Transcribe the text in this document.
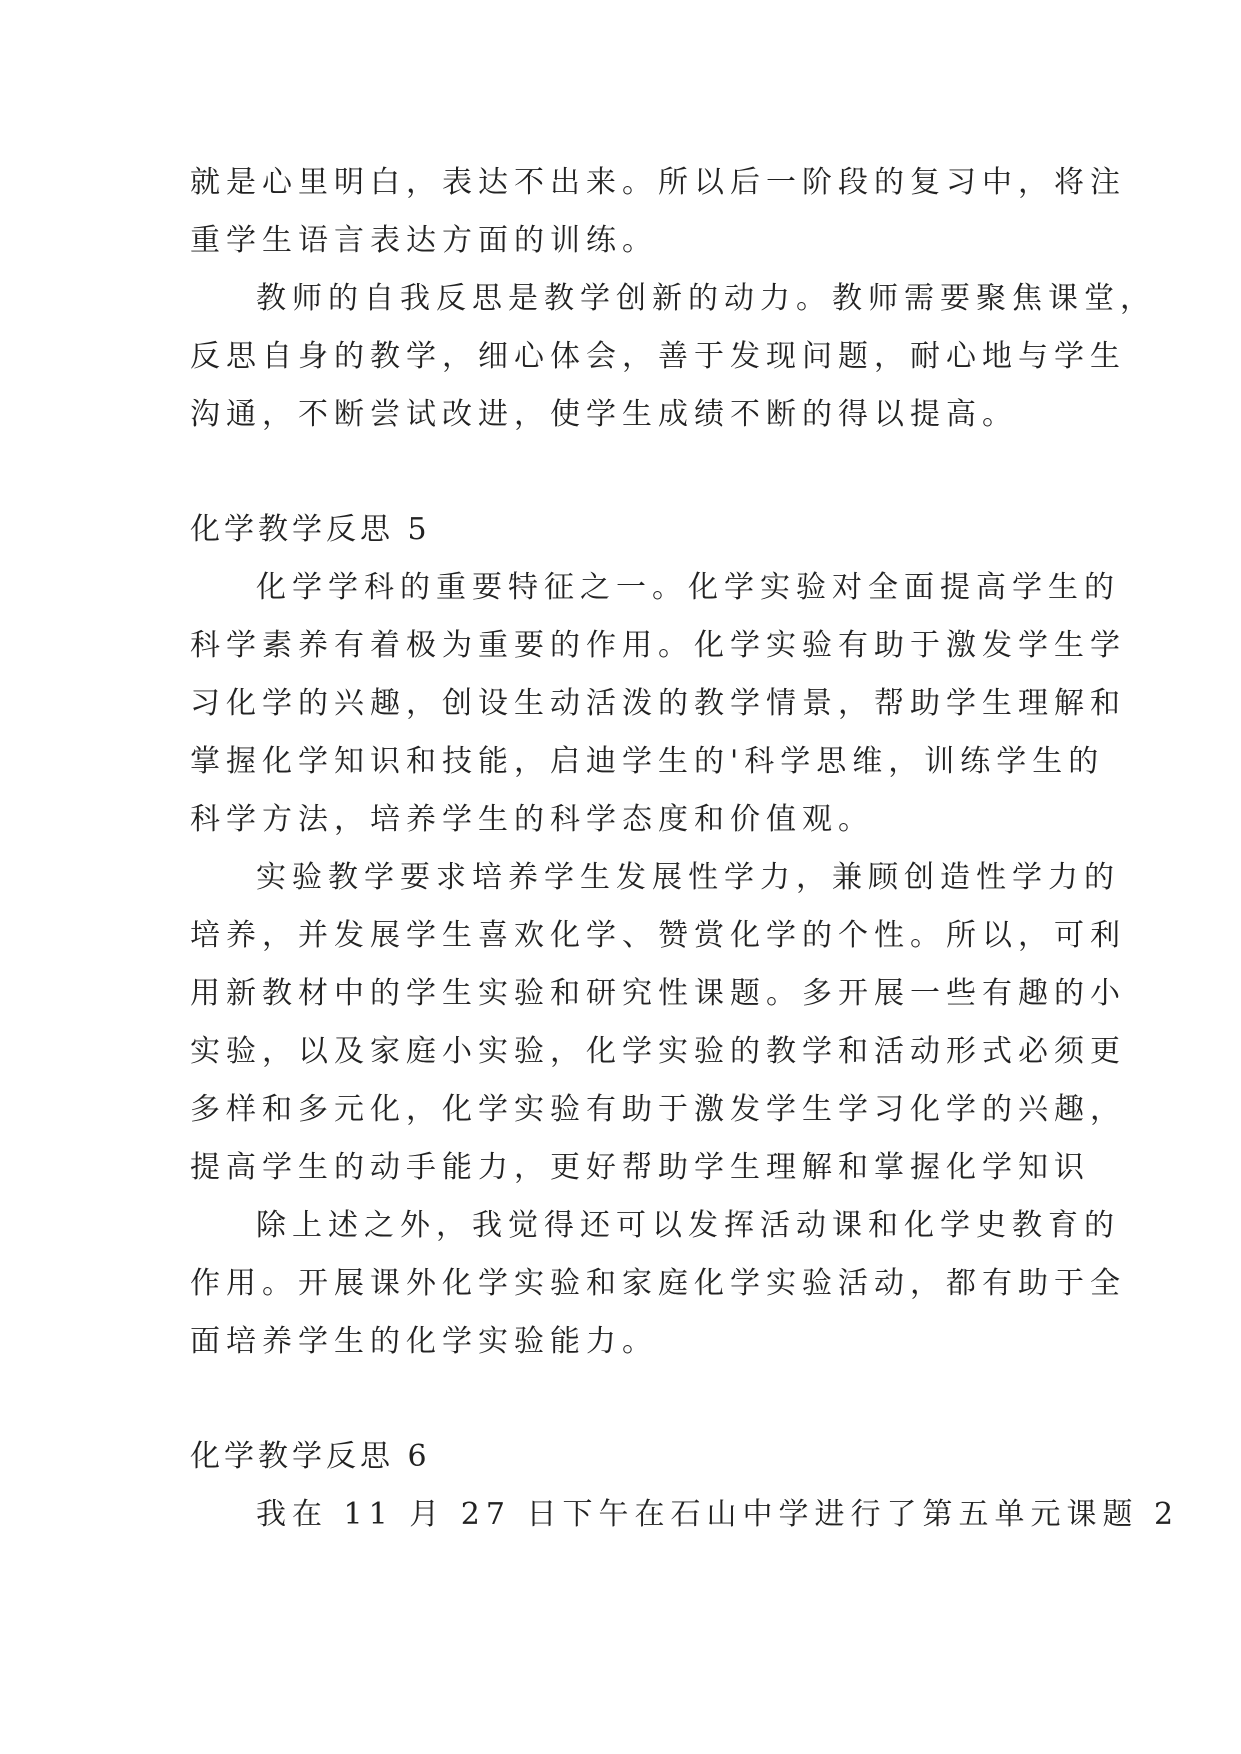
就是心里明白，表达不出来。所以后一阶段的复习中，将注
重学生语言表达方面的训练。
教师的自我反思是教学创新的动力。教师需要聚焦课堂，
反思自身的教学，细心体会，善于发现问题，耐心地与学生
沟通，不断尝试改进，使学生成绩不断的得以提高。
化学教学反思 5
化学学科的重要特征之一。化学实验对全面提高学生的
科学素养有着极为重要的作用。化学实验有助于激发学生学
习化学的兴趣，创设生动活泼的教学情景，帮助学生理解和
掌握化学知识和技能，启迪学生的'科学思维，训练学生的
科学方法，培养学生的科学态度和价值观。
实验教学要求培养学生发展性学力，兼顾创造性学力的
培养，并发展学生喜欢化学、赞赏化学的个性。所以，可利
用新教材中的学生实验和研究性课题。多开展一些有趣的小
实验，以及家庭小实验，化学实验的教学和活动形式必须更
多样和多元化，化学实验有助于激发学生学习化学的兴趣，
提高学生的动手能力，更好帮助学生理解和掌握化学知识
除上述之外，我觉得还可以发挥活动课和化学史教育的
作用。开展课外化学实验和家庭化学实验活动，都有助于全
面培养学生的化学实验能力。
化学教学反思 6
我在 11 月 27 日下午在石山中学进行了第五单元课题 2
